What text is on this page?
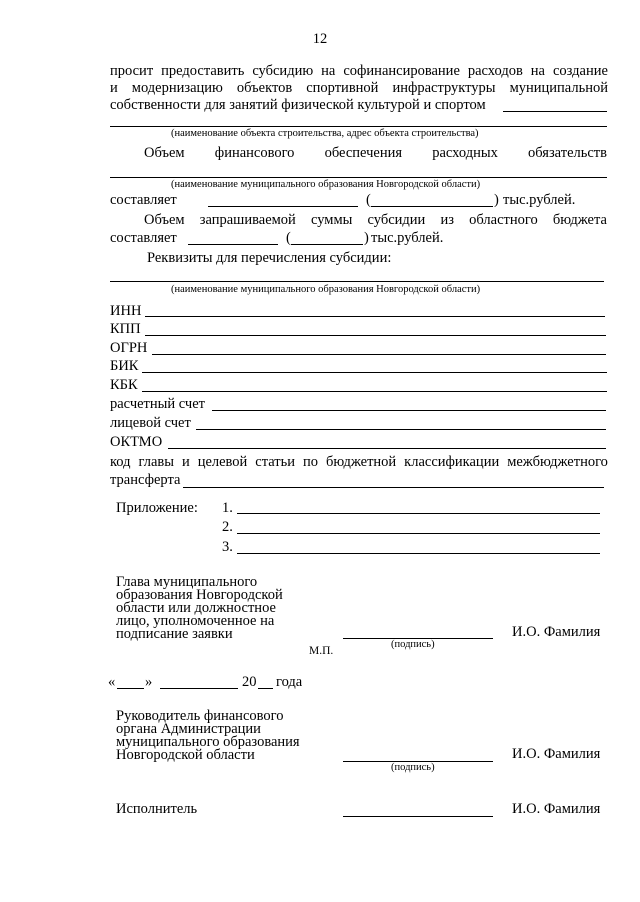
12
просит предоставить субсидию на софинансирование расходов на создание
и модернизацию объектов спортивной инфраструктуры муниципальной
собственности для занятий физической культурой и спортом
(наименование объекта строительства, адрес объекта строительства)
Объем финансового обеспечения расходных обязательств
(наименование муниципального образования Новгородской области)
составляет	(	) тыс.рублей.
Объем запрашиваемой суммы субсидии из областного бюджета
составляет	(	) тыс.рублей.
Реквизиты для перечисления субсидии:
(наименование муниципального образования Новгородской области)
ИНН
КПП
ОГРН
БИК
КБК
расчетный счет
лицевой счет
ОКТМО
код главы и целевой статьи по бюджетной классификации межбюджетного
трансферта
Приложение: 1.
2.
3.
Глава муниципального
образования Новгородской
области или должностное
лицо, уполномоченное на
подписание заявки	И.О. Фамилия
(подпись)
М.П.
« »	20 года
Руководитель финансового
органа Администрации
муниципального образования
Новгородской области	И.О. Фамилия
(подпись)
Исполнитель	И.О. Фамилия
